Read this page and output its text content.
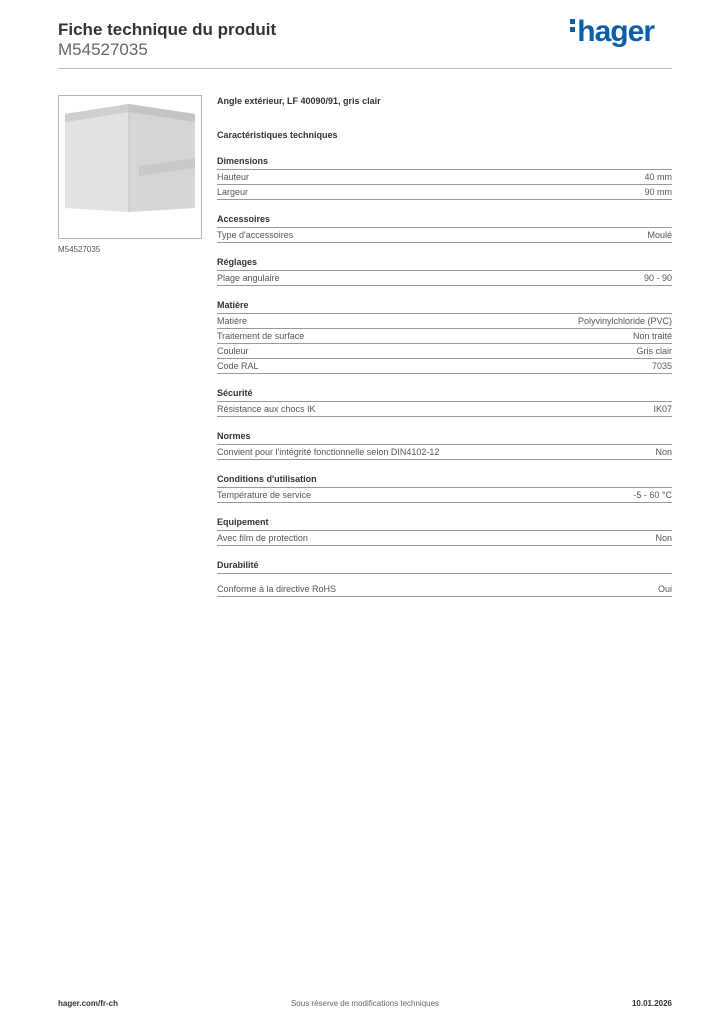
Fiche technique du produit
M54527035
hager
M54527035
Angle extérieur, LF 40090/91, gris clair
Caractéristiques techniques
Dimensions
Hauteur	40 mm
Largeur	90 mm
Accessoires
Type d'accessoires	Moulé
Réglages
Plage angulaire	90 - 90
Matière
Matière	Polyvinylchloride (PVC)
Traitement de surface	Non traité
Couleur	Gris clair
Code RAL	7035
Sécurité
Résistance aux chocs IK	IK07
Normes
Convient pour l'intégrité fonctionnelle selon DIN4102-12	Non
Conditions d'utilisation
Température de service	-5 - 60 °C
Equipement
Avec film de protection	Non
Durabilité
Conforme à la directive RoHS	Oui
Sous réserve de modifications techniques
hager.com/fr-ch	10.01.2026
